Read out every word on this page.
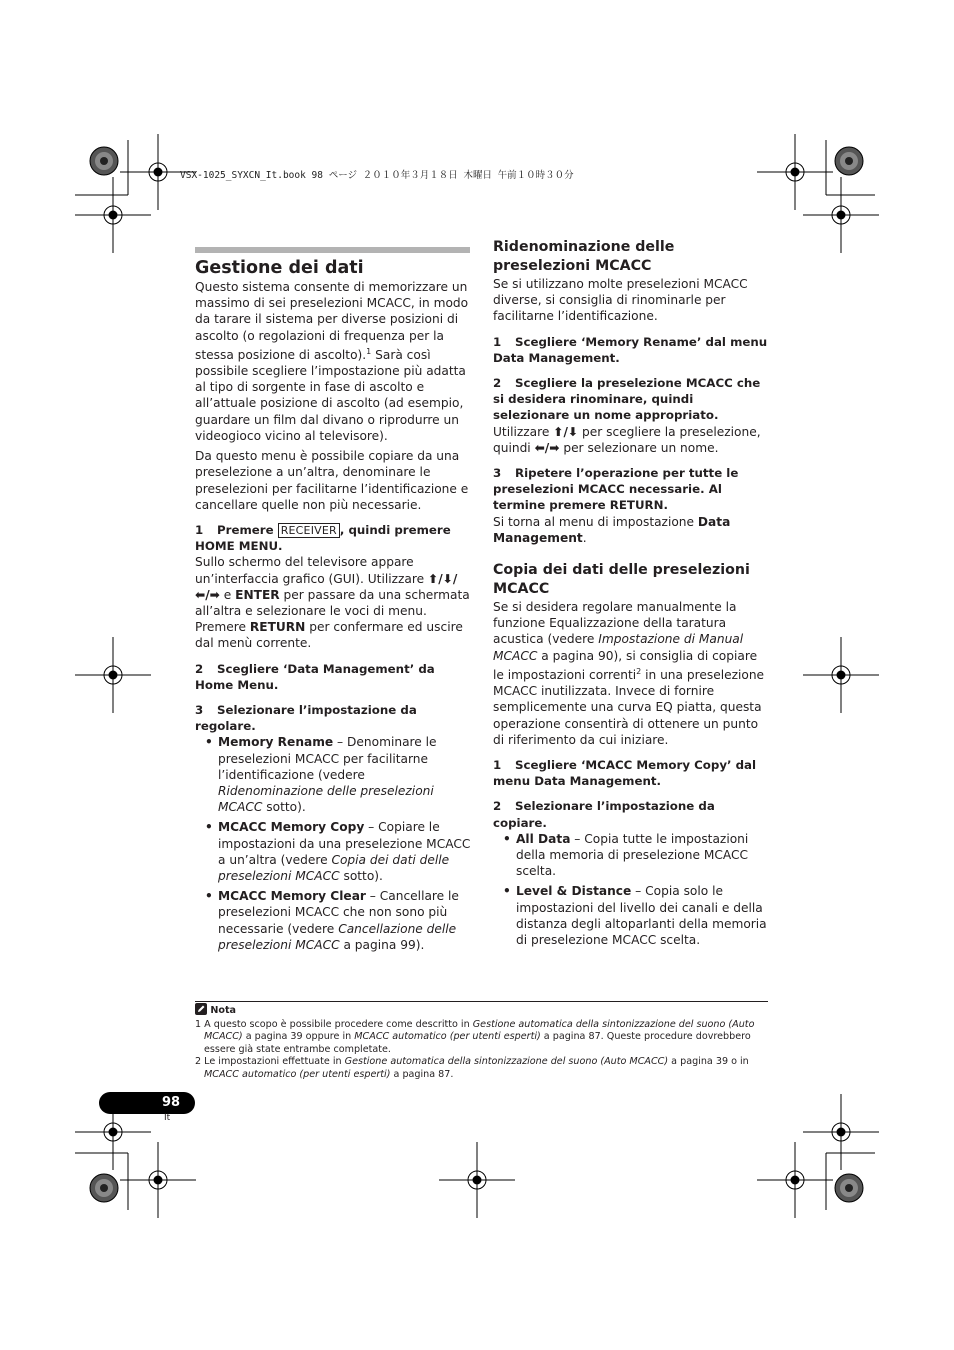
VSX-1025_SYXCN_It.book 98 ページ ２０１０年３月１８日 木曜日 午前１０時３０分
Gestione dei dati

Questo sistema consente di memorizzare un massimo di sei preselezioni MCACC, in modo da tarare il sistema per diverse posizioni di ascolto (o regolazioni di frequenza per la stessa posizione di ascolto).$^1$ Sarà così possibile scegliere l’impostazione più adatta al tipo di sorgente in fase di ascolto e all’attuale posizione di ascolto (ad esempio, guardare un film dal divano o riprodurre un videogioco vicino al televisore).

Da questo menu è possibile copiare da una preselezione a un’altra, denominare le preselezioni per facilitarne l’identificazione e cancellare quelle non più necessarie.

1 Premere RECEIVER , quindi premere HOME MENU.

Sullo schermo del televisore appare un’interfaccia grafico (GUI). Utilizzare ⬆/⬇/ ⬅/➡ e ENTER per passare da una schermata all’altra e selezionare le voci di menu. Premere RETURN per confermare ed uscire dal menù corrente.

2 Scegliere ‘Data Management’ da Home Menu.

3 Selezionare l’impostazione da regolare.

• Memory Rename – Denominare le preselezioni MCACC per facilitarne l’identificazione (vedere Ridenominazione delle preselezioni MCACC sotto).
• MCACC Memory Copy – Copiare le impostazioni da una preselezione MCACC a un’altra (vedere Copia dei dati delle preselezioni MCACC sotto).
• MCACC Memory Clear – Cancellare le preselezioni MCACC che non sono più necessarie (vedere Cancellazione delle preselezioni MCACC a pagina 99).
Ridenominazione delle preselezioni MCACC

Se si utilizzano molte preselezioni MCACC diverse, si consiglia di rinominarle per facilitarne l’identificazione.

1 Scegliere ‘Memory Rename’ dal menu Data Management.

2 Scegliere la preselezione MCACC che si desidera rinominare, quindi selezionare un nome appropriato.

Utilizzare ⬆/⬇ per scegliere la preselezione, quindi ⬅/➡ per selezionare un nome.

3 Ripetere l’operazione per tutte le preselezioni MCACC necessarie. Al termine premere RETURN.

Si torna al menu di impostazione Data Management.

Copia dei dati delle preselezioni MCACC

Se si desidera regolare manualmente la funzione Equalizzazione della taratura acustica (vedere Impostazione di Manual MCACC a pagina 90), si consiglia di copiare le impostazioni correnti$^2$ in una preselezione MCACC inutilizzata. Invece di fornire semplicemente una curva EQ piatta, questa operazione consentirà di ottenere un punto di riferimento da cui iniziare.

1 Scegliere ‘MCACC Memory Copy’ dal menu Data Management.

2 Selezionare l’impostazione da copiare.

• All Data – Copia tutte le impostazioni della memoria di preselezione MCACC scelta.
• Level & Distance – Copia solo le impostazioni del livello dei canali e della distanza degli altoparlanti della memoria di preselezione MCACC scelta.

Nota

1 A questo scopo è possibile procedere come descritto in Gestione automatica della sintonizzazione del suono (Auto MCACC) a pagina 39 oppure in MCACC automatico (per utenti esperti) a pagina 87. Queste procedure dovrebbero essere già state entrambe completate.

2 Le impostazioni effettuate in Gestione automatica della sintonizzazione del suono (Auto MCACC) a pagina 39 o in MCACC automatico (per utenti esperti) a pagina 87.

98
It
